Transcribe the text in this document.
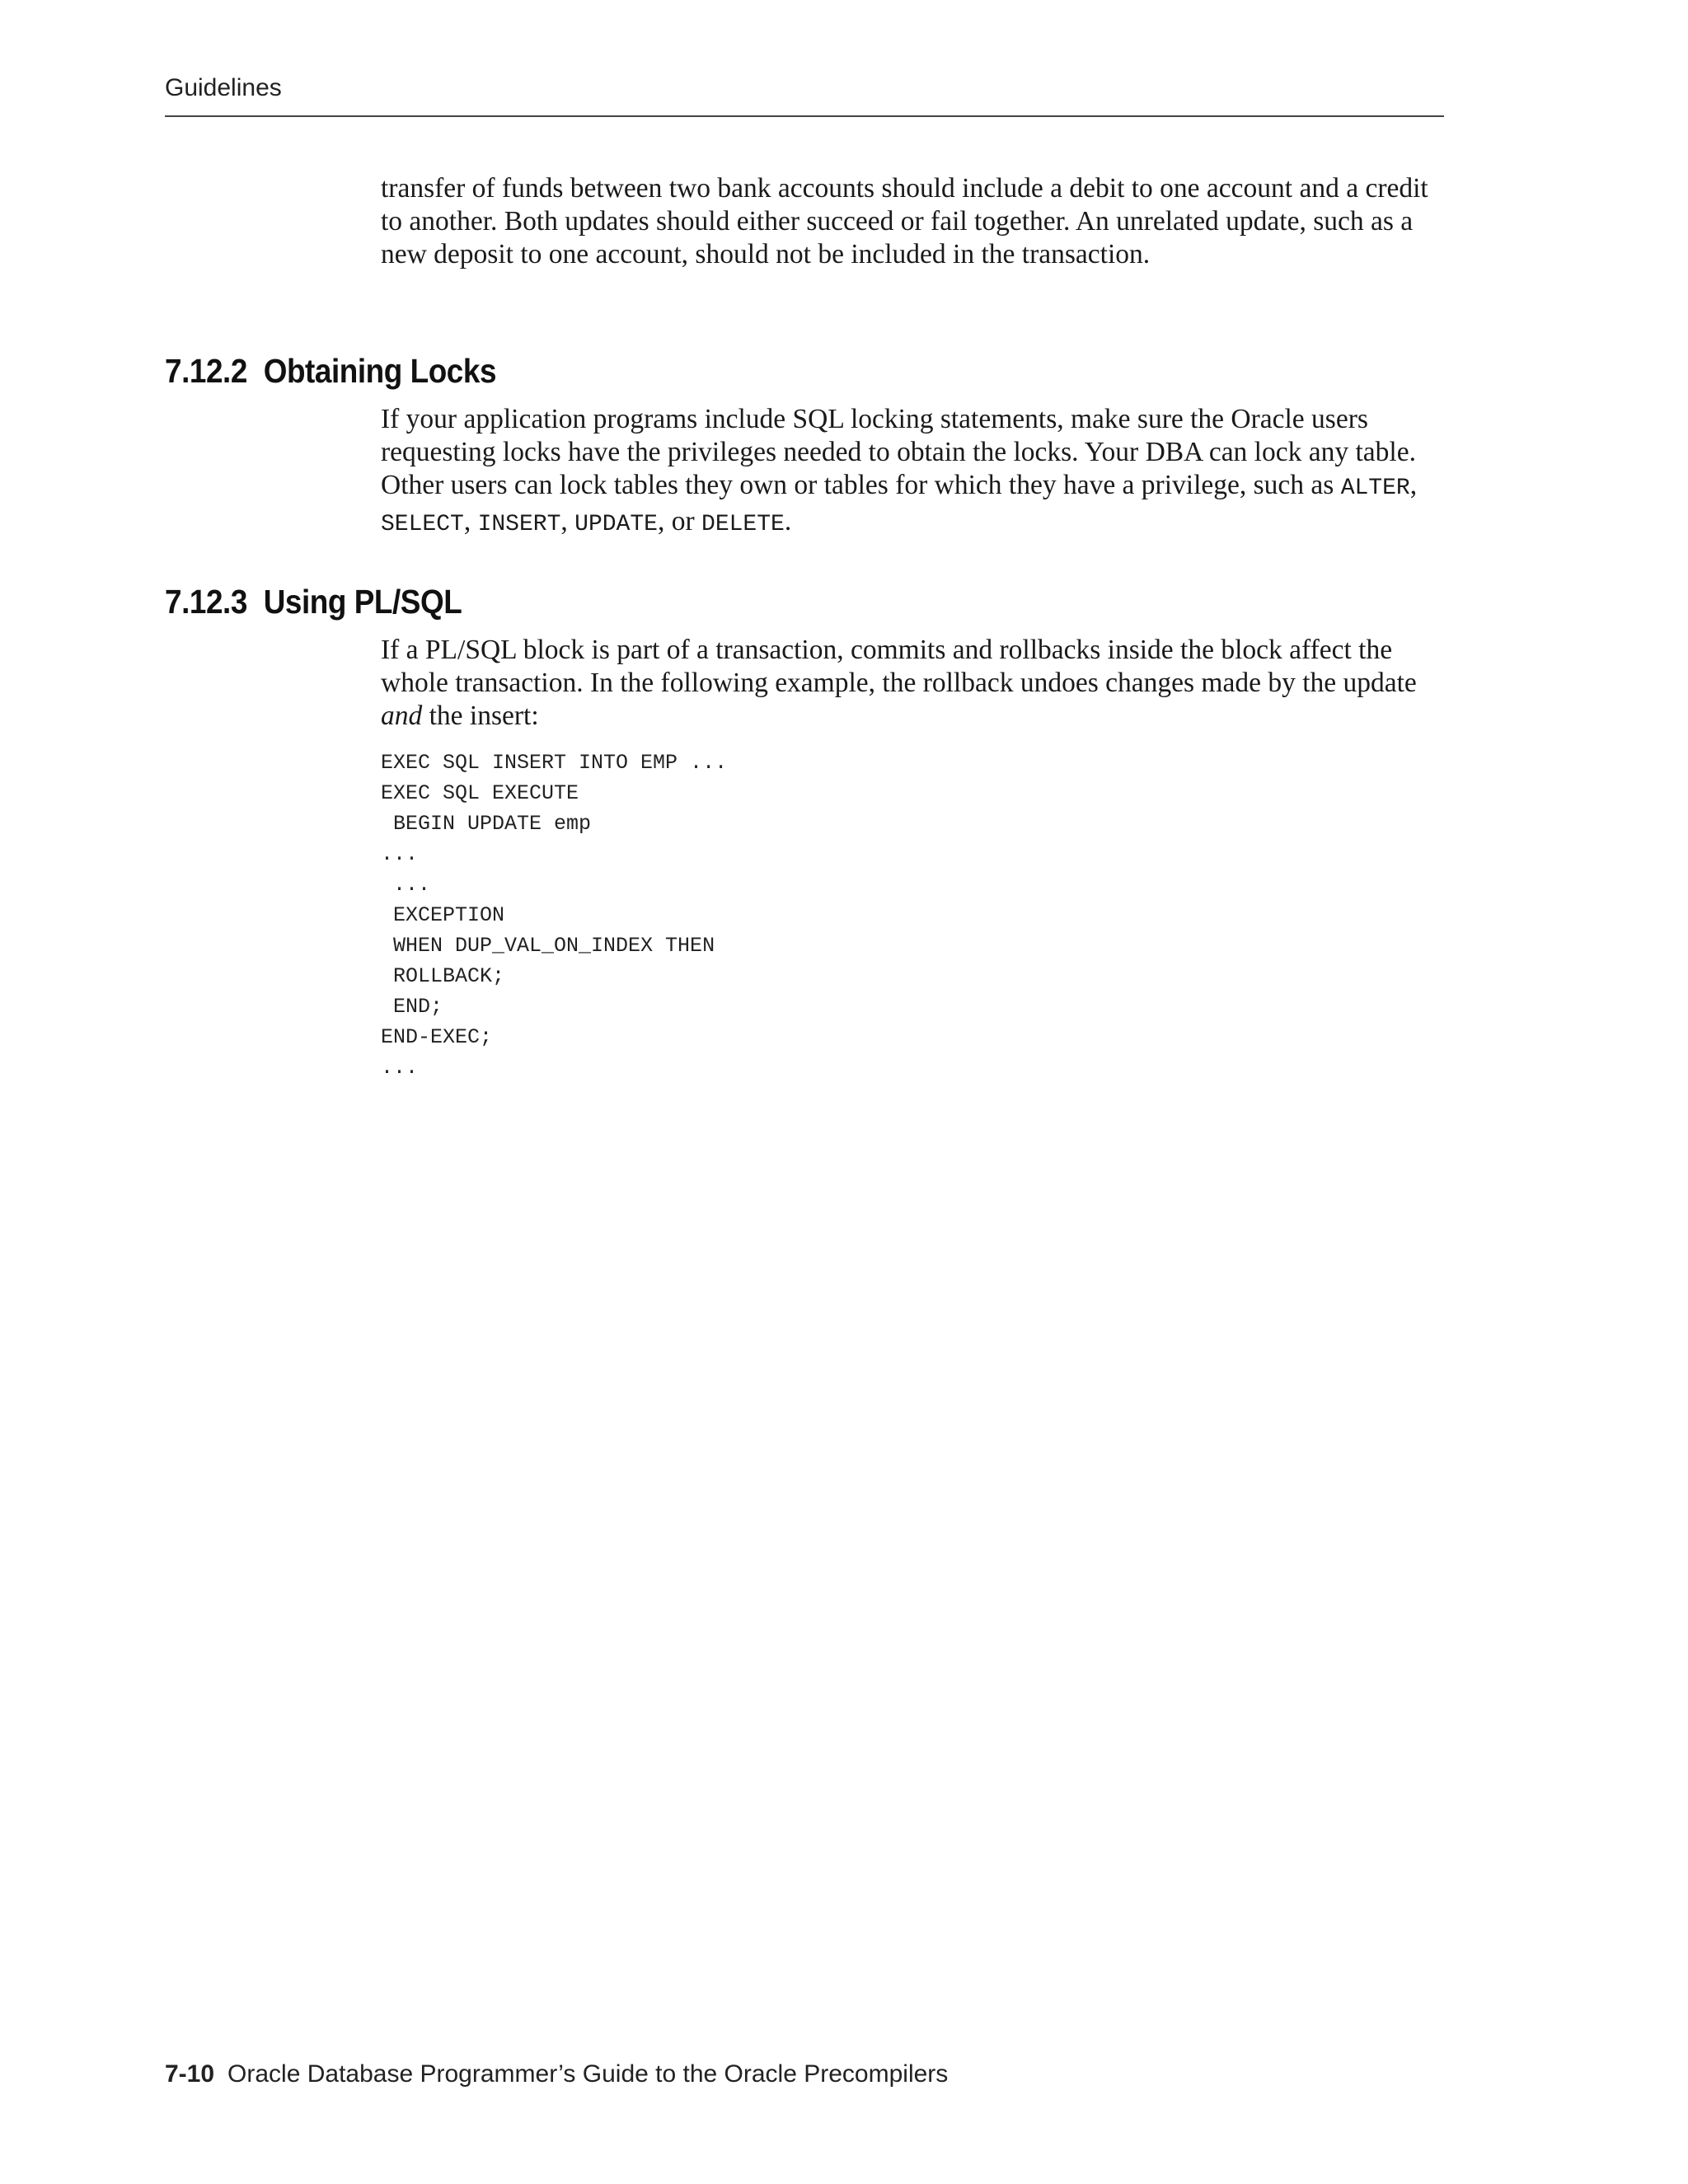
Guidelines

transfer of funds between two bank accounts should include a debit to one account and a credit to another. Both updates should either succeed or fail together. An unrelated update, such as a new deposit to one account, should not be included in the transaction.

7.12.2 Obtaining Locks

If your application programs include SQL locking statements, make sure the Oracle users requesting locks have the privileges needed to obtain the locks. Your DBA can lock any table. Other users can lock tables they own or tables for which they have a privilege, such as ALTER, SELECT, INSERT, UPDATE, or DELETE.

7.12.3 Using PL/SQL

If a PL/SQL block is part of a transaction, commits and rollbacks inside the block affect the whole transaction. In the following example, the rollback undoes changes made by the update and the insert:

EXEC SQL INSERT INTO EMP ...
EXEC SQL EXECUTE
BEGIN UPDATE emp
...
...
EXCEPTION
WHEN DUP_VAL_ON_INDEX THEN
ROLLBACK;
END;
END-EXEC;
...
7-10 Oracle Database Programmer’s Guide to the Oracle Precompilers
